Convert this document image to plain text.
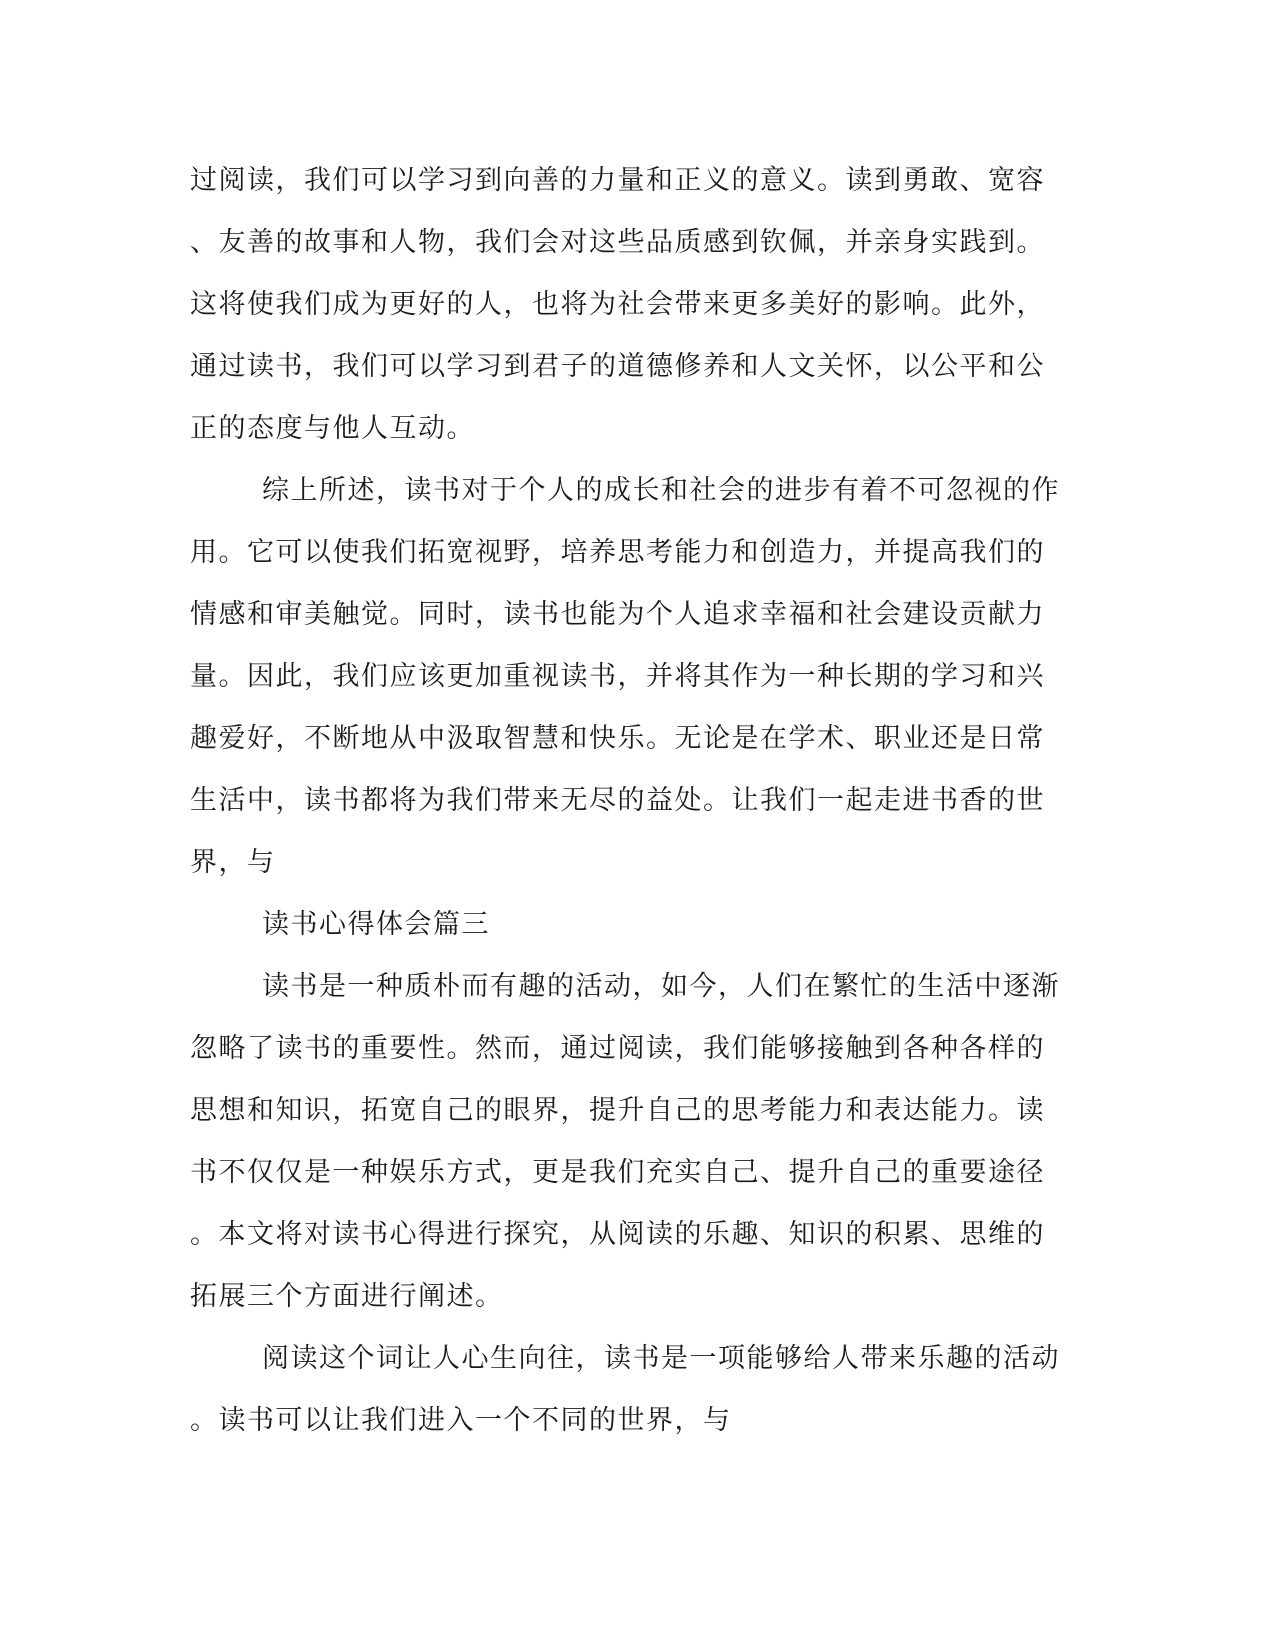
过阅读，我们可以学习到向善的力量和正义的意义。读到勇敢、宽容
、友善的故事和人物，我们会对这些品质感到钦佩，并亲身实践到。
这将使我们成为更好的人，也将为社会带来更多美好的影响。此外，
通过读书，我们可以学习到君子的道德修养和人文关怀，以公平和公
正的态度与他人互动。
综上所述，读书对于个人的成长和社会的进步有着不可忽视的作
用。它可以使我们拓宽视野，培养思考能力和创造力，并提高我们的
情感和审美触觉。同时，读书也能为个人追求幸福和社会建设贡献力
量。因此，我们应该更加重视读书，并将其作为一种长期的学习和兴
趣爱好，不断地从中汲取智慧和快乐。无论是在学术、职业还是日常
生活中，读书都将为我们带来无尽的益处。让我们一起走进书香的世
界，与
读书心得体会篇三
读书是一种质朴而有趣的活动，如今，人们在繁忙的生活中逐渐
忽略了读书的重要性。然而，通过阅读，我们能够接触到各种各样的
思想和知识，拓宽自己的眼界，提升自己的思考能力和表达能力。读
书不仅仅是一种娱乐方式，更是我们充实自己、提升自己的重要途径
。本文将对读书心得进行探究，从阅读的乐趣、知识的积累、思维的
拓展三个方面进行阐述。
阅读这个词让人心生向往，读书是一项能够给人带来乐趣的活动
。读书可以让我们进入一个不同的世界，与
